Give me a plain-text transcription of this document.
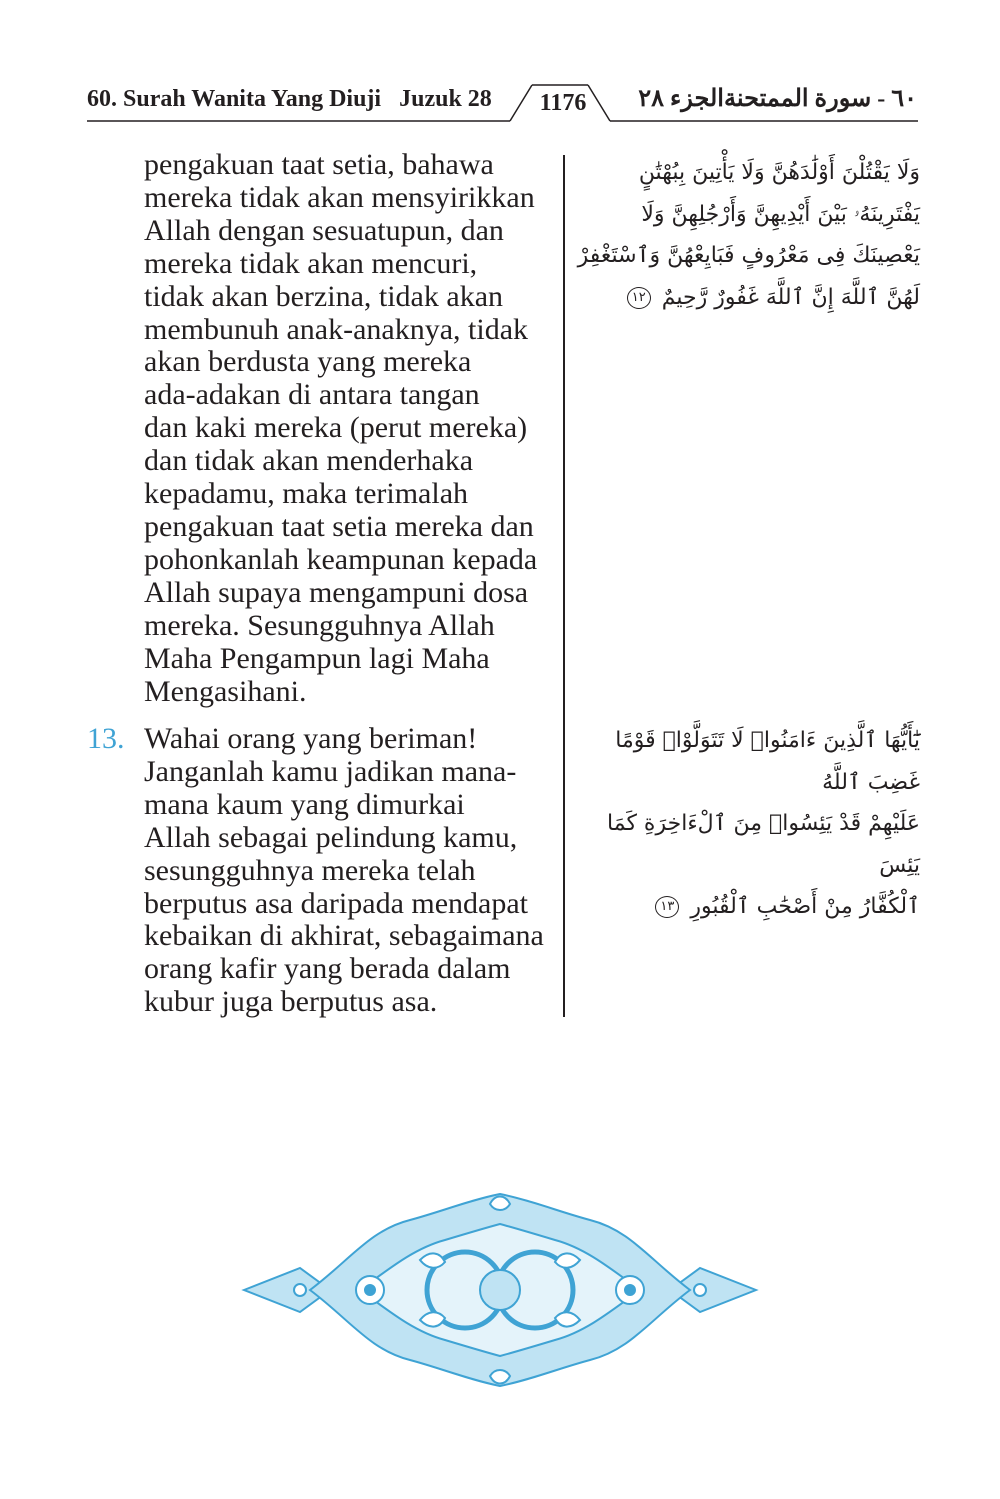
60. Surah Wanita Yang Diuji Juzuk 28	1176	٦٠ - سورة الممتحنةالجزء ٢٨
pengakuan taat setia, bahawa
mereka tidak akan mensyirikkan
Allah dengan sesuatupun, dan
mereka tidak akan mencuri,
tidak akan berzina, tidak akan
membunuh anak-anaknya, tidak
akan berdusta yang mereka
ada-adakan di antara tangan
dan kaki mereka (perut mereka)
dan tidak akan menderhaka
kepadamu, maka terimalah
pengakuan taat setia mereka dan
pohonkanlah keampunan kepada
Allah supaya mengampuni dosa
mereka. Sesungguhnya Allah
Maha Pengampun lagi Maha
Mengasihani.
وَلَا يَقْتُلْنَ أَوْلَٰدَهُنَّ وَلَا يَأْتِينَ بِبُهْتَٰنٍ
يَفْتَرِينَهُۥ بَيْنَ أَيْدِيهِنَّ وَأَرْجُلِهِنَّ وَلَا
يَعْصِينَكَ فِى مَعْرُوفٍ فَبَايِعْهُنَّ وَٱسْتَغْفِرْ
لَهُنَّ ٱللَّهَ إِنَّ ٱللَّهَ غَفُورٌ رَّحِيمٌ ١٢
13. Wahai orang yang beriman!
Janganlah kamu jadikan mana-
mana kaum yang dimurkai
Allah sebagai pelindung kamu,
sesungguhnya mereka telah
berputus asa daripada mendapat
kebaikan di akhirat, sebagaimana
orang kafir yang berada dalam
kubur juga berputus asa.
يَٰٓأَيُّهَا ٱلَّذِينَ ءَامَنُوا۟ لَا تَتَوَلَّوْا۟ قَوْمًا غَضِبَ ٱللَّهُ
عَلَيْهِمْ قَدْ يَئِسُوا۟ مِنَ ٱلْءَاخِرَةِ كَمَا يَئِسَ
ٱلْكُفَّارُ مِنْ أَصْحَٰبِ ٱلْقُبُورِ ١٣
